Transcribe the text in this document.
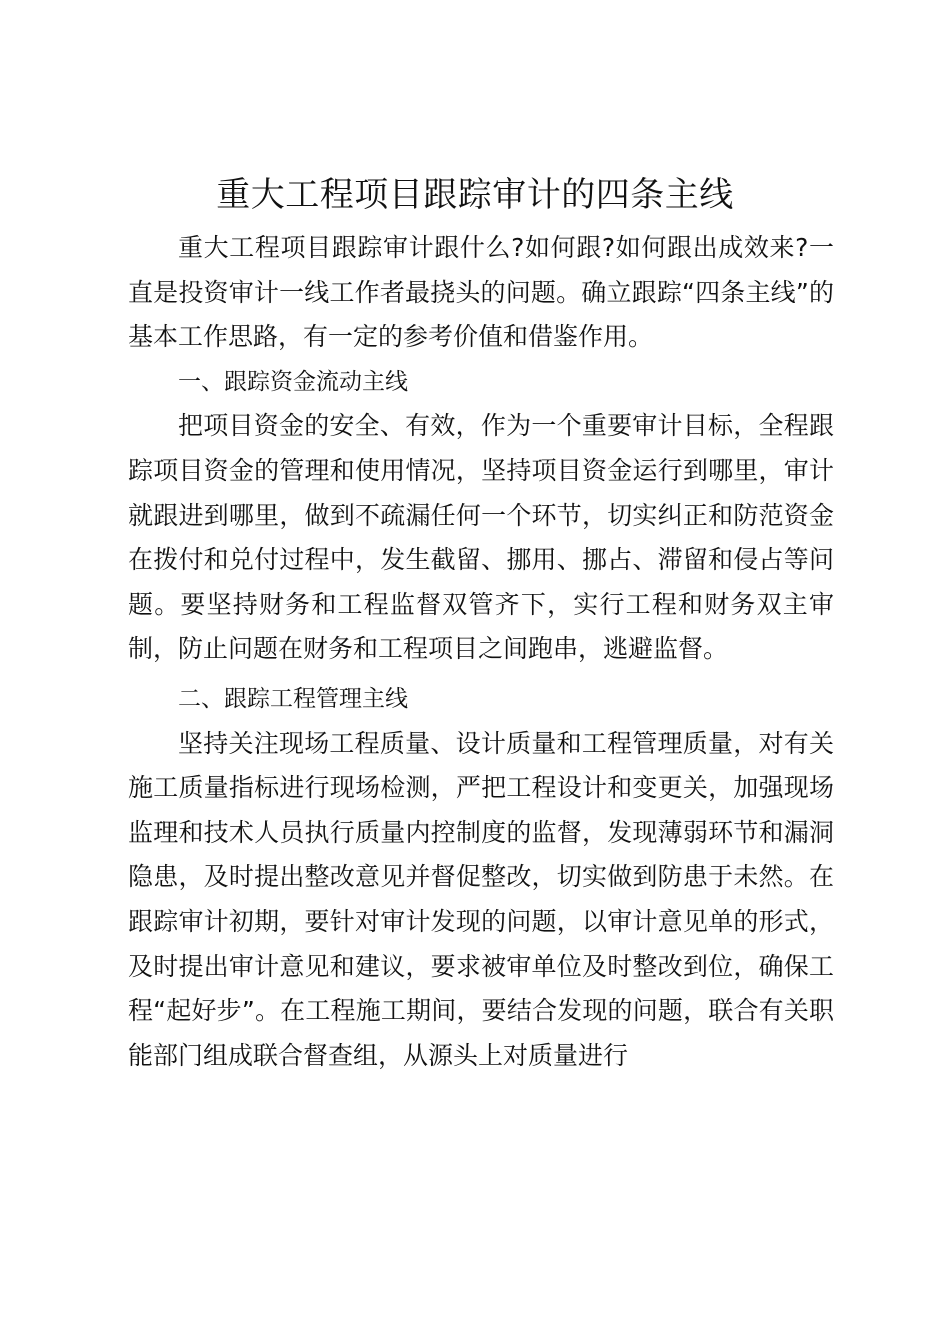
重大工程项目跟踪审计的四条主线

重大工程项目跟踪审计跟什么?如何跟?如何跟出成效来?一直是投资审计一线工作者最挠头的问题。确立跟踪“四条主线”的基本工作思路，有一定的参考价值和借鉴作用。

一、跟踪资金流动主线

把项目资金的安全、有效，作为一个重要审计目标，全程跟踪项目资金的管理和使用情况，坚持项目资金运行到哪里，审计就跟进到哪里，做到不疏漏任何一个环节，切实纠正和防范资金在拨付和兑付过程中，发生截留、挪用、挪占、滞留和侵占等问题。要坚持财务和工程监督双管齐下，实行工程和财务双主审制，防止问题在财务和工程项目之间跑串，逃避监督。

二、跟踪工程管理主线

坚持关注现场工程质量、设计质量和工程管理质量，对有关施工质量指标进行现场检测，严把工程设计和变更关，加强现场监理和技术人员执行质量内控制度的监督，发现薄弱环节和漏洞隐患，及时提出整改意见并督促整改，切实做到防患于未然。在跟踪审计初期，要针对审计发现的问题，以审计意见单的形式，及时提出审计意见和建议，要求被审单位及时整改到位，确保工程“起好步”。在工程施工期间，要结合发现的问题，联合有关职能部门组成联合督查组，从源头上对质量进行
